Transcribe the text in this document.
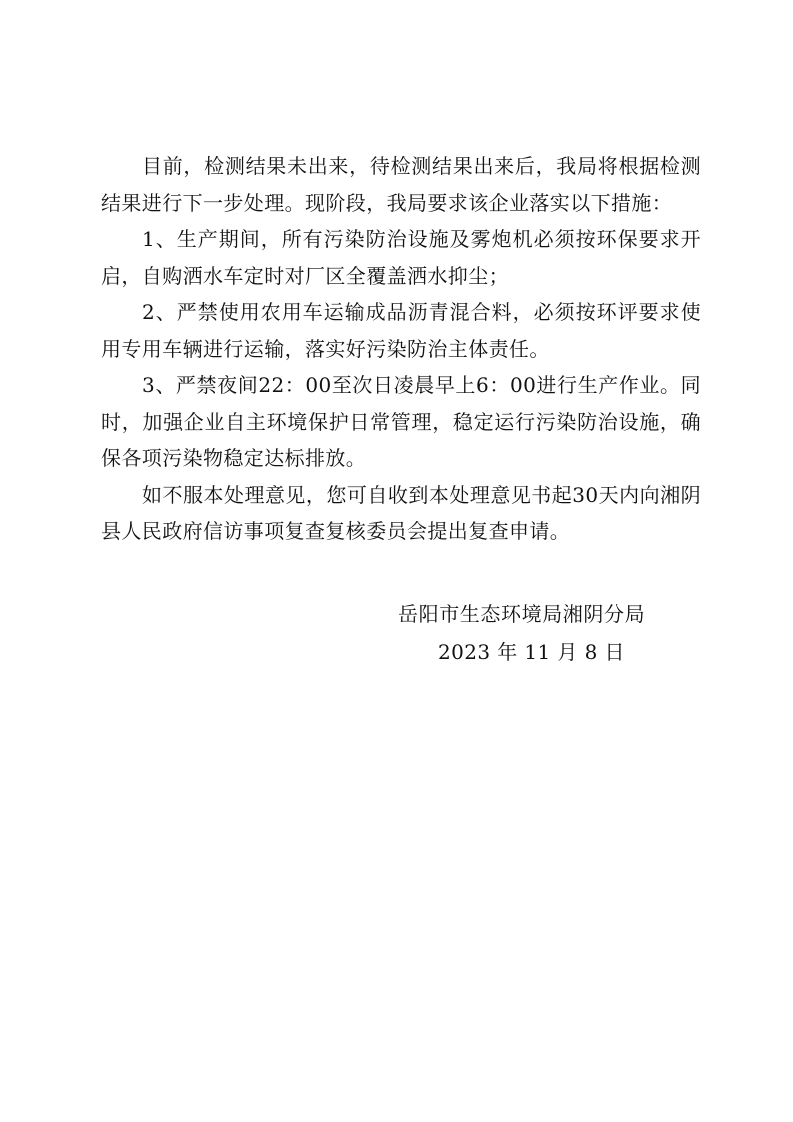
目前，检测结果未出来，待检测结果出来后，我局将根据检测结果进行下一步处理。现阶段，我局要求该企业落实以下措施：

1、生产期间，所有污染防治设施及雾炮机必须按环保要求开启，自购洒水车定时对厂区全覆盖洒水抑尘；

2、严禁使用农用车运输成品沥青混合料，必须按环评要求使用专用车辆进行运输，落实好污染防治主体责任。

3、严禁夜间22：00至次日凌晨早上6：00进行生产作业。同时，加强企业自主环境保护日常管理，稳定运行污染防治设施，确保各项污染物稳定达标排放。

如不服本处理意见，您可自收到本处理意见书起30天内向湘阴县人民政府信访事项复查复核委员会提出复查申请。

岳阳市生态环境局湘阴分局
2023 年 11 月 8 日
